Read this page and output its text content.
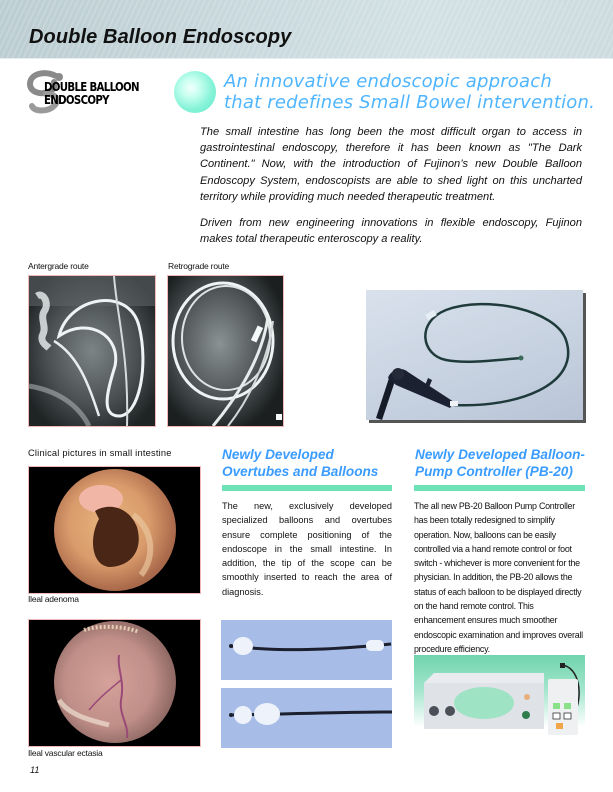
Double Balloon Endoscopy
DOUBLE BALLOON
ENDOSCOPY
An innovative endoscopic approach
that redefines Small Bowel intervention.

The small intestine has long been the most difficult organ to access in gastrointestinal endoscopy, therefore it has been known as "The Dark Continent." Now, with the introduction of Fujinon’s new Double Balloon Endoscopy System, endoscopists are able to shed light on this uncharted territory while providing much needed therapeutic treatment.

Driven from new engineering innovations in flexible endoscopy, Fujinon makes total therapeutic enteroscopy a reality.

Antergrade route	Retrograde route
Clinical pictures in small intestine
Ileal adenoma
Ileal vascular ectasia
Newly Developed
Overtubes and Balloons
The new, exclusively developed specialized balloons and overtubes ensure complete positioning of the endoscope in the small intestine. In addition, the tip of the scope can be smoothly inserted to reach the area of diagnosis.
Newly Developed Balloon-
Pump Controller (PB-20)
The all new PB-20 Balloon Pump Controller has been totally redesigned to simplify operation. Now, balloons can be easily controlled via a hand remote control or foot switch - whichever is more convenient for the physician. In addition, the PB-20 allows the status of each balloon to be displayed directly on the hand remote control. This enhancement ensures much smoother endoscopic examination and improves overall procedure efficiency.
11
